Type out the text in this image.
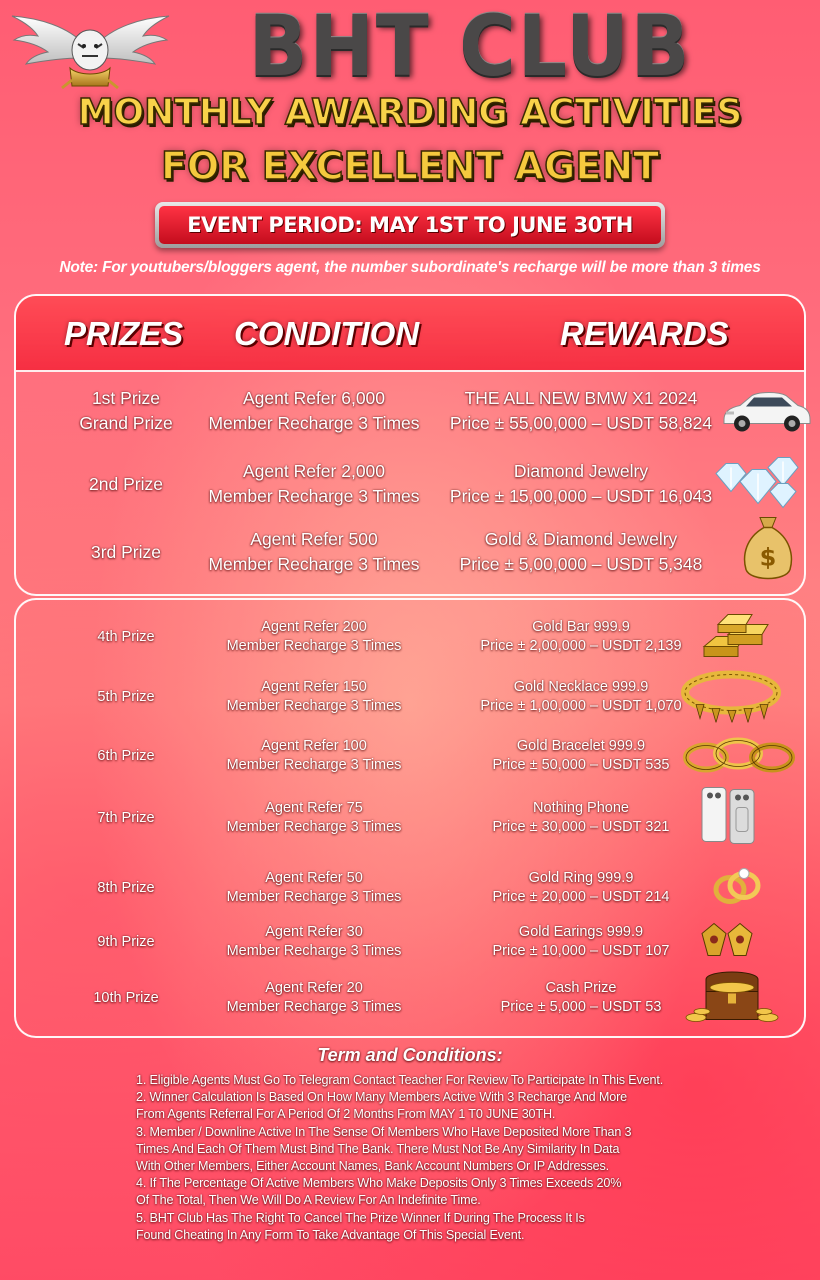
BHT CLUB
MONTHLY AWARDING ACTIVITIES
FOR EXCELLENT AGENT
EVENT PERIOD: MAY 1ST TO JUNE 30TH
Note: For youtubers/bloggers agent, the number subordinate's recharge will be more than 3 times
PRIZES CONDITION	REWARDS
1st Prize
Grand Prize
Agent Refer 6,000
Member Recharge 3 Times
THE ALL NEW BMW X1 2024
Price ± 55,00,000 – USDT 58,824
2nd Prize
Agent Refer 2,000
Member Recharge 3 Times
Diamond Jewelry
Price ± 15,00,000 – USDT 16,043
3rd Prize
Agent Refer 500
Member Recharge 3 Times
Gold & Diamond Jewelry
Price ± 5,00,000 – USDT 5,348 $
4th Prize
Agent Refer 200
Member Recharge 3 Times
Gold Bar 999.9
Price ± 2,00,000 – USDT 2,139
5th Prize
Agent Refer 150
Member Recharge 3 Times
Gold Necklace 999.9
Price ± 1,00,000 – USDT 1,070
6th Prize
Agent Refer 100
Member Recharge 3 Times
Gold Bracelet 999.9
Price ± 50,000 – USDT 535
7th Prize
Agent Refer 75
Member Recharge 3 Times
Nothing Phone
Price ± 30,000 – USDT 321
8th Prize
Agent Refer 50
Member Recharge 3 Times
Gold Ring 999.9
Price ± 20,000 – USDT 214
9th Prize
Agent Refer 30
Member Recharge 3 Times
Gold Earings 999.9
Price ± 10,000 – USDT 107
10th Prize
Agent Refer 20
Member Recharge 3 Times
Cash Prize
Price ± 5,000 – USDT 53
Term and Conditions:
1. Eligible Agents Must Go To Telegram Contact Teacher For Review To Participate In This Event.
2. Winner Calculation Is Based On How Many Members Active With 3 Recharge And More
From Agents Referral For A Period Of 2 Months From MAY 1 T0 JUNE 30TH.
3. Member / Downline Active In The Sense Of Members Who Have Deposited More Than 3
Times And Each Of Them Must Bind The Bank. There Must Not Be Any Similarity In Data
With Other Members, Either Account Names, Bank Account Numbers Or IP Addresses.
4. If The Percentage Of Active Members Who Make Deposits Only 3 Times Exceeds 20%
Of The Total, Then We Will Do A Review For An Indefinite Time.
5. BHT Club Has The Right To Cancel The Prize Winner If During The Process It Is
Found Cheating In Any Form To Take Advantage Of This Special Event.
